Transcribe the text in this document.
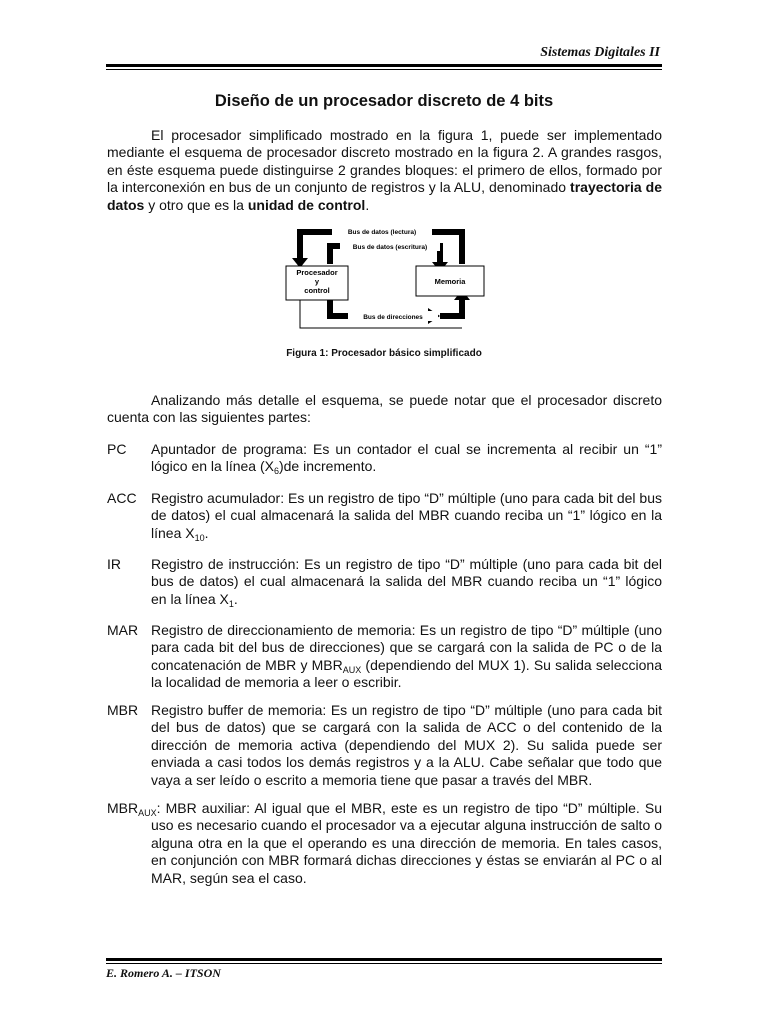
Sistemas Digitales II
Diseño de un procesador discreto de 4 bits
El procesador simplificado mostrado en la figura 1, puede ser implementado mediante el esquema de procesador discreto mostrado en la figura 2. A grandes rasgos, en éste esquema puede distinguirse 2 grandes bloques: el primero de ellos, formado por la interconexión en bus de un conjunto de registros y la ALU, denominado trayectoria de datos y otro que es la unidad de control.
Bus de datos (lectura)
Bus de datos (escritura)
Bus de direcciones
Procesador
y
control
Memoria
Figura 1: Procesador básico simplificado
Analizando más detalle el esquema, se puede notar que el procesador discreto cuenta con las siguientes partes:
PC Apuntador de programa: Es un contador el cual se incrementa al recibir un “1” lógico en la línea $(X_6)de$ incremento.
ACC Registro acumulador: Es un registro de tipo “D” múltiple (uno para cada bit del bus de datos) el cual almacenará la salida del MBR cuando reciba un “1” lógico en la línea $X_{10}$.
IR Registro de instrucción: Es un registro de tipo “D” múltiple (uno para cada bit del bus de datos) el cual almacenará la salida del MBR cuando reciba un “1” lógico en la línea $X_1$.
MAR Registro de direccionamiento de memoria: Es un registro de tipo “D” múltiple (uno para cada bit del bus de direcciones) que se cargará con la salida de PC o de la concatenación de MBR y $MBR_{AUX}$ (dependiendo del MUX 1). Su salida selecciona la localidad de memoria a leer o escribir.
MBR Registro buffer de memoria: Es un registro de tipo “D” múltiple (uno para cada bit del bus de datos) que se cargará con la salida de ACC o del contenido de la dirección de memoria activa (dependiendo del MUX 2). Su salida puede ser enviada a casi todos los demás registros y a la ALU. Cabe señalar que todo que vaya a ser leído o escrito a memoria tiene que pasar a través del MBR.
$MBR_{AUX}$: MBR auxiliar: Al igual que el MBR, este es un registro de tipo “D” múltiple. Su uso es necesario cuando el procesador va a ejecutar alguna instrucción de salto o alguna otra en la que el operando es una dirección de memoria. En tales casos, en conjunción con MBR formará dichas direcciones y éstas se enviarán al PC o al MAR, según sea el caso.
E. Romero A. – ITSON
